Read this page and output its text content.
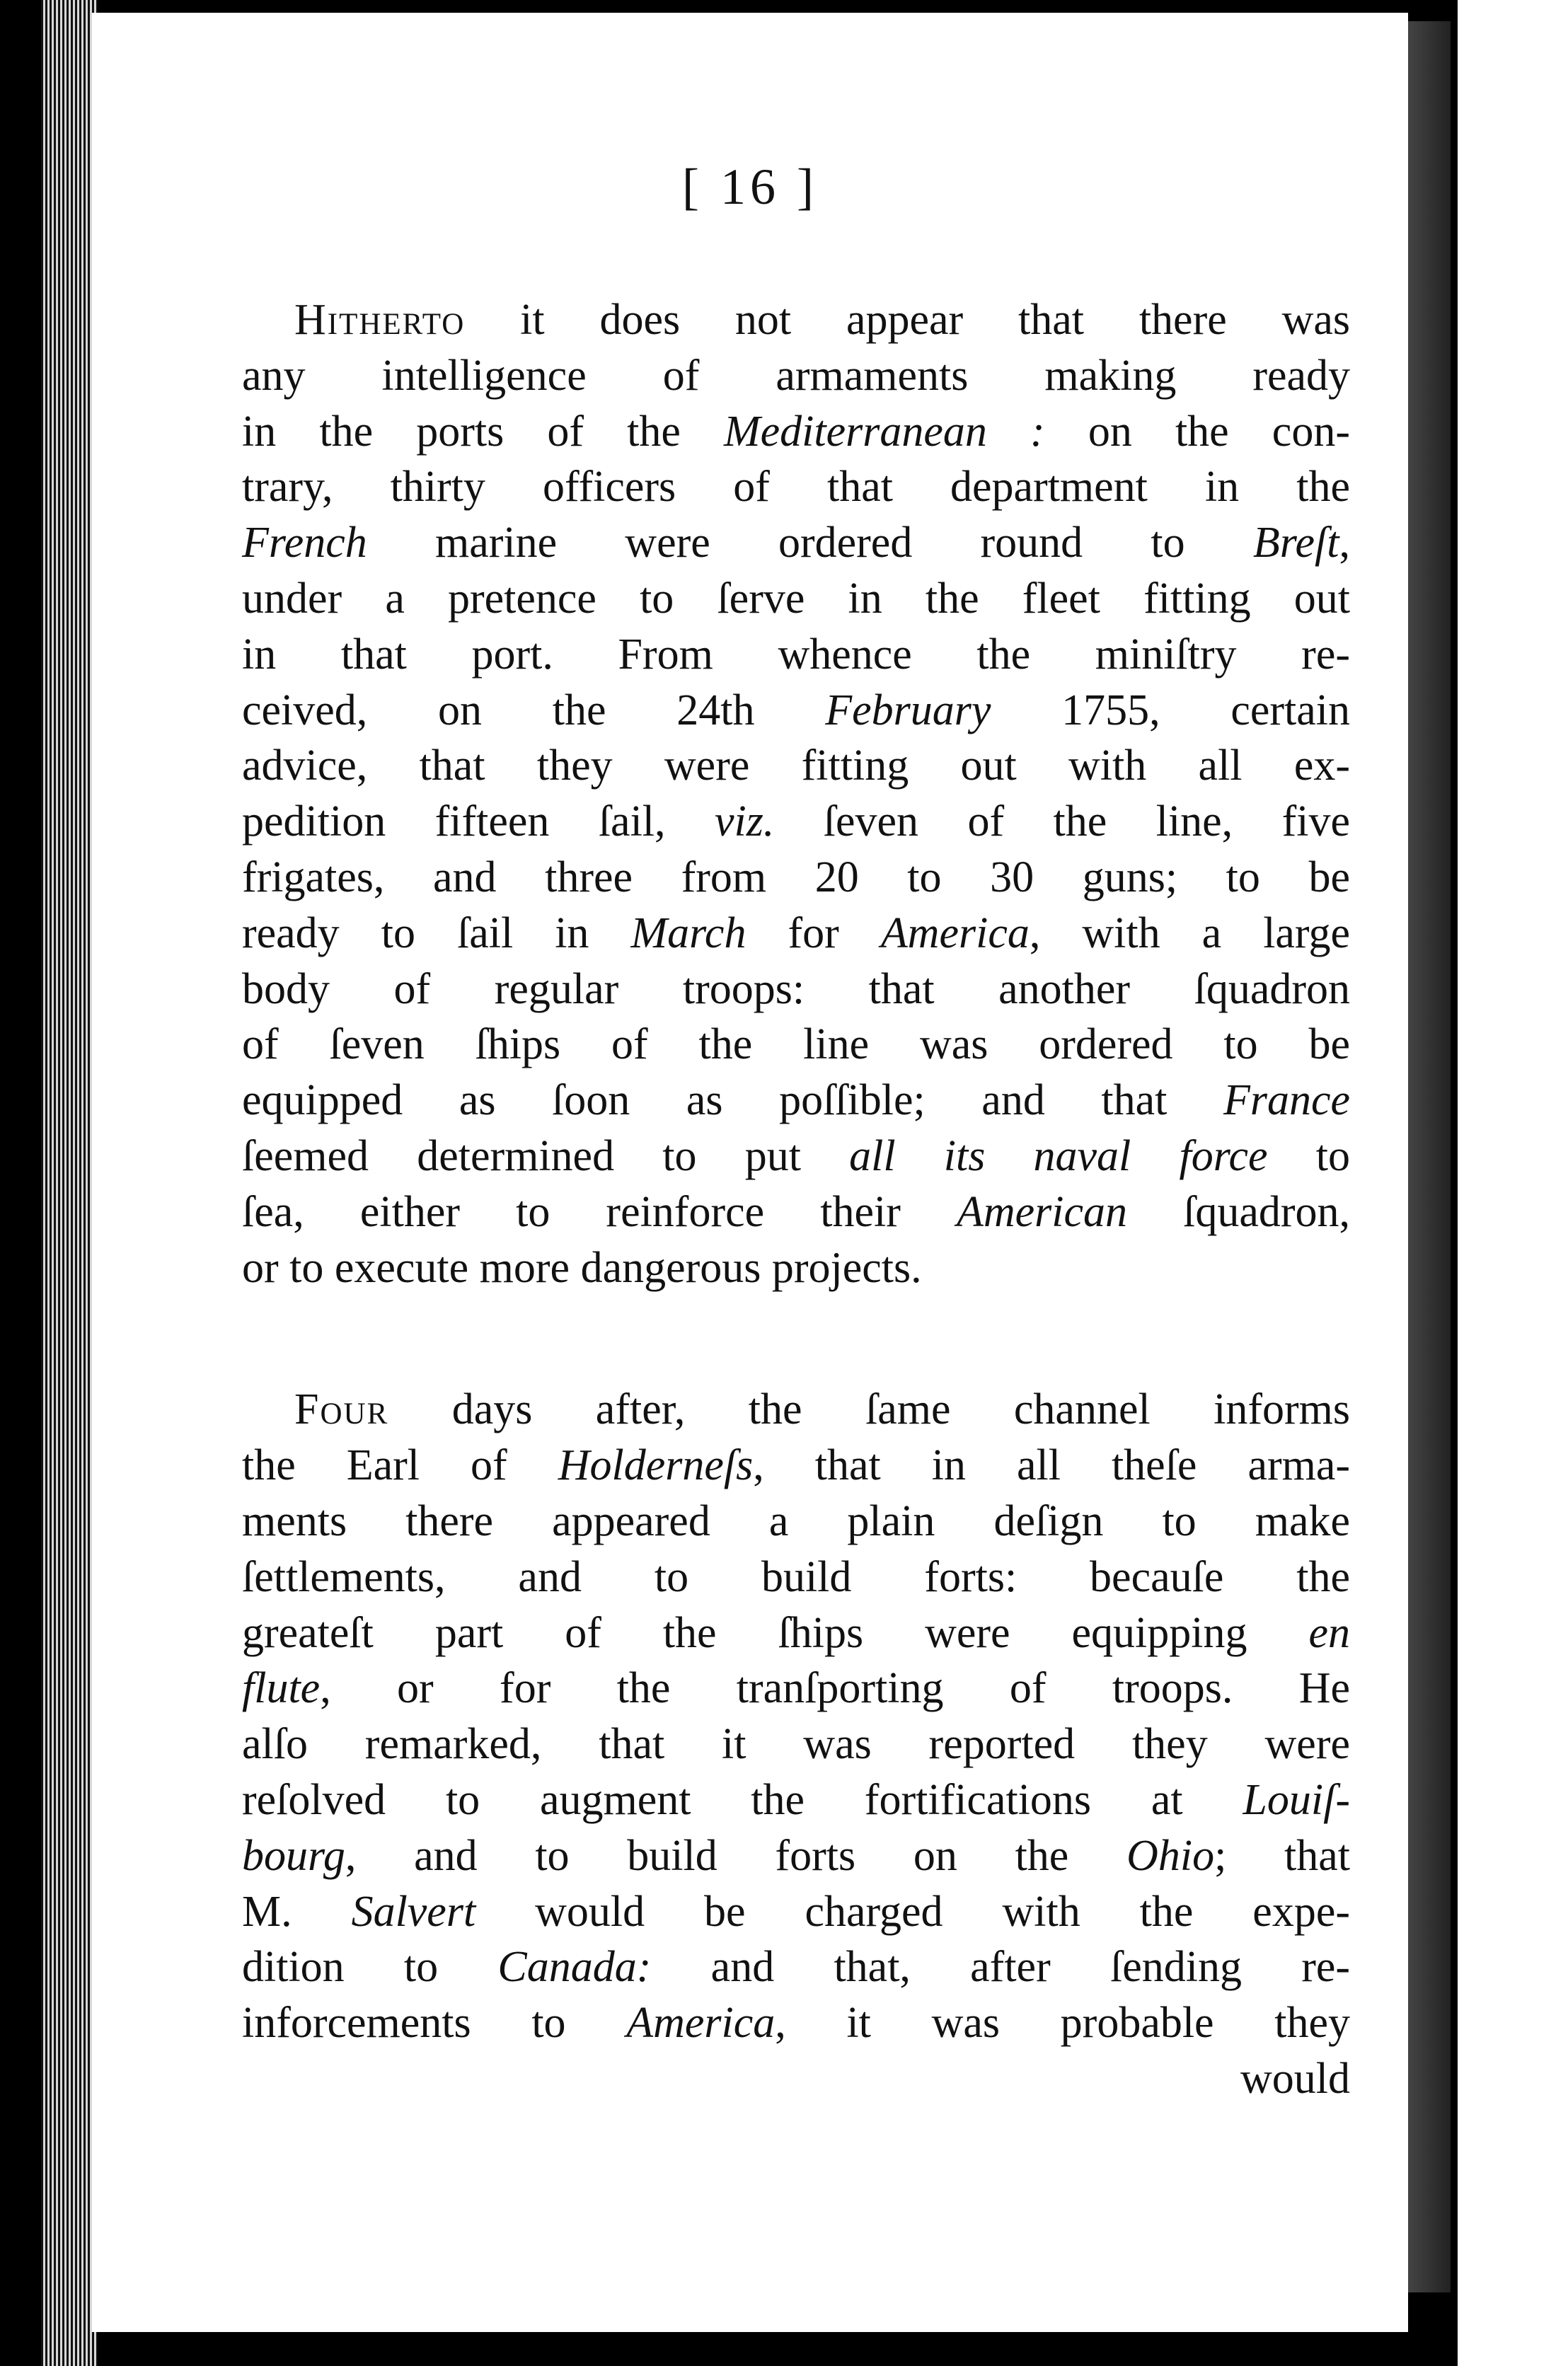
[ 16 ]
Hitherto it does not appear that there was
any intelligence of armaments making ready
in the ports of the Mediterranean : on the con-
trary, thirty officers of that department in the
French marine were ordered round to Breſt,
under a pretence to ſerve in the fleet fitting out
in that port. From whence the miniſtry re-
ceived, on the 24th February 1755, certain
advice, that they were fitting out with all ex-
pedition fifteen ſail, viz. ſeven of the line, five
frigates, and three from 20 to 30 guns; to be
ready to ſail in March for America, with a large
body of regular troops: that another ſquadron
of ſeven ſhips of the line was ordered to be
equipped as ſoon as poſſible; and that France
ſeemed determined to put all its naval force to
ſea, either to reinforce their American ſquadron,
or to execute more dangerous projects.
Four days after, the ſame channel informs
the Earl of Holderneſs, that in all theſe arma-
ments there appeared a plain deſign to make
ſettlements, and to build forts: becauſe the
greateſt part of the ſhips were equipping en
flute, or for the tranſporting of troops. He
alſo remarked, that it was reported they were
reſolved to augment the fortifications at Louiſ-
bourg, and to build forts on the Ohio; that
M. Salvert would be charged with the expe-
dition to Canada: and that, after ſending re-
inforcements to America, it was probable they
would
